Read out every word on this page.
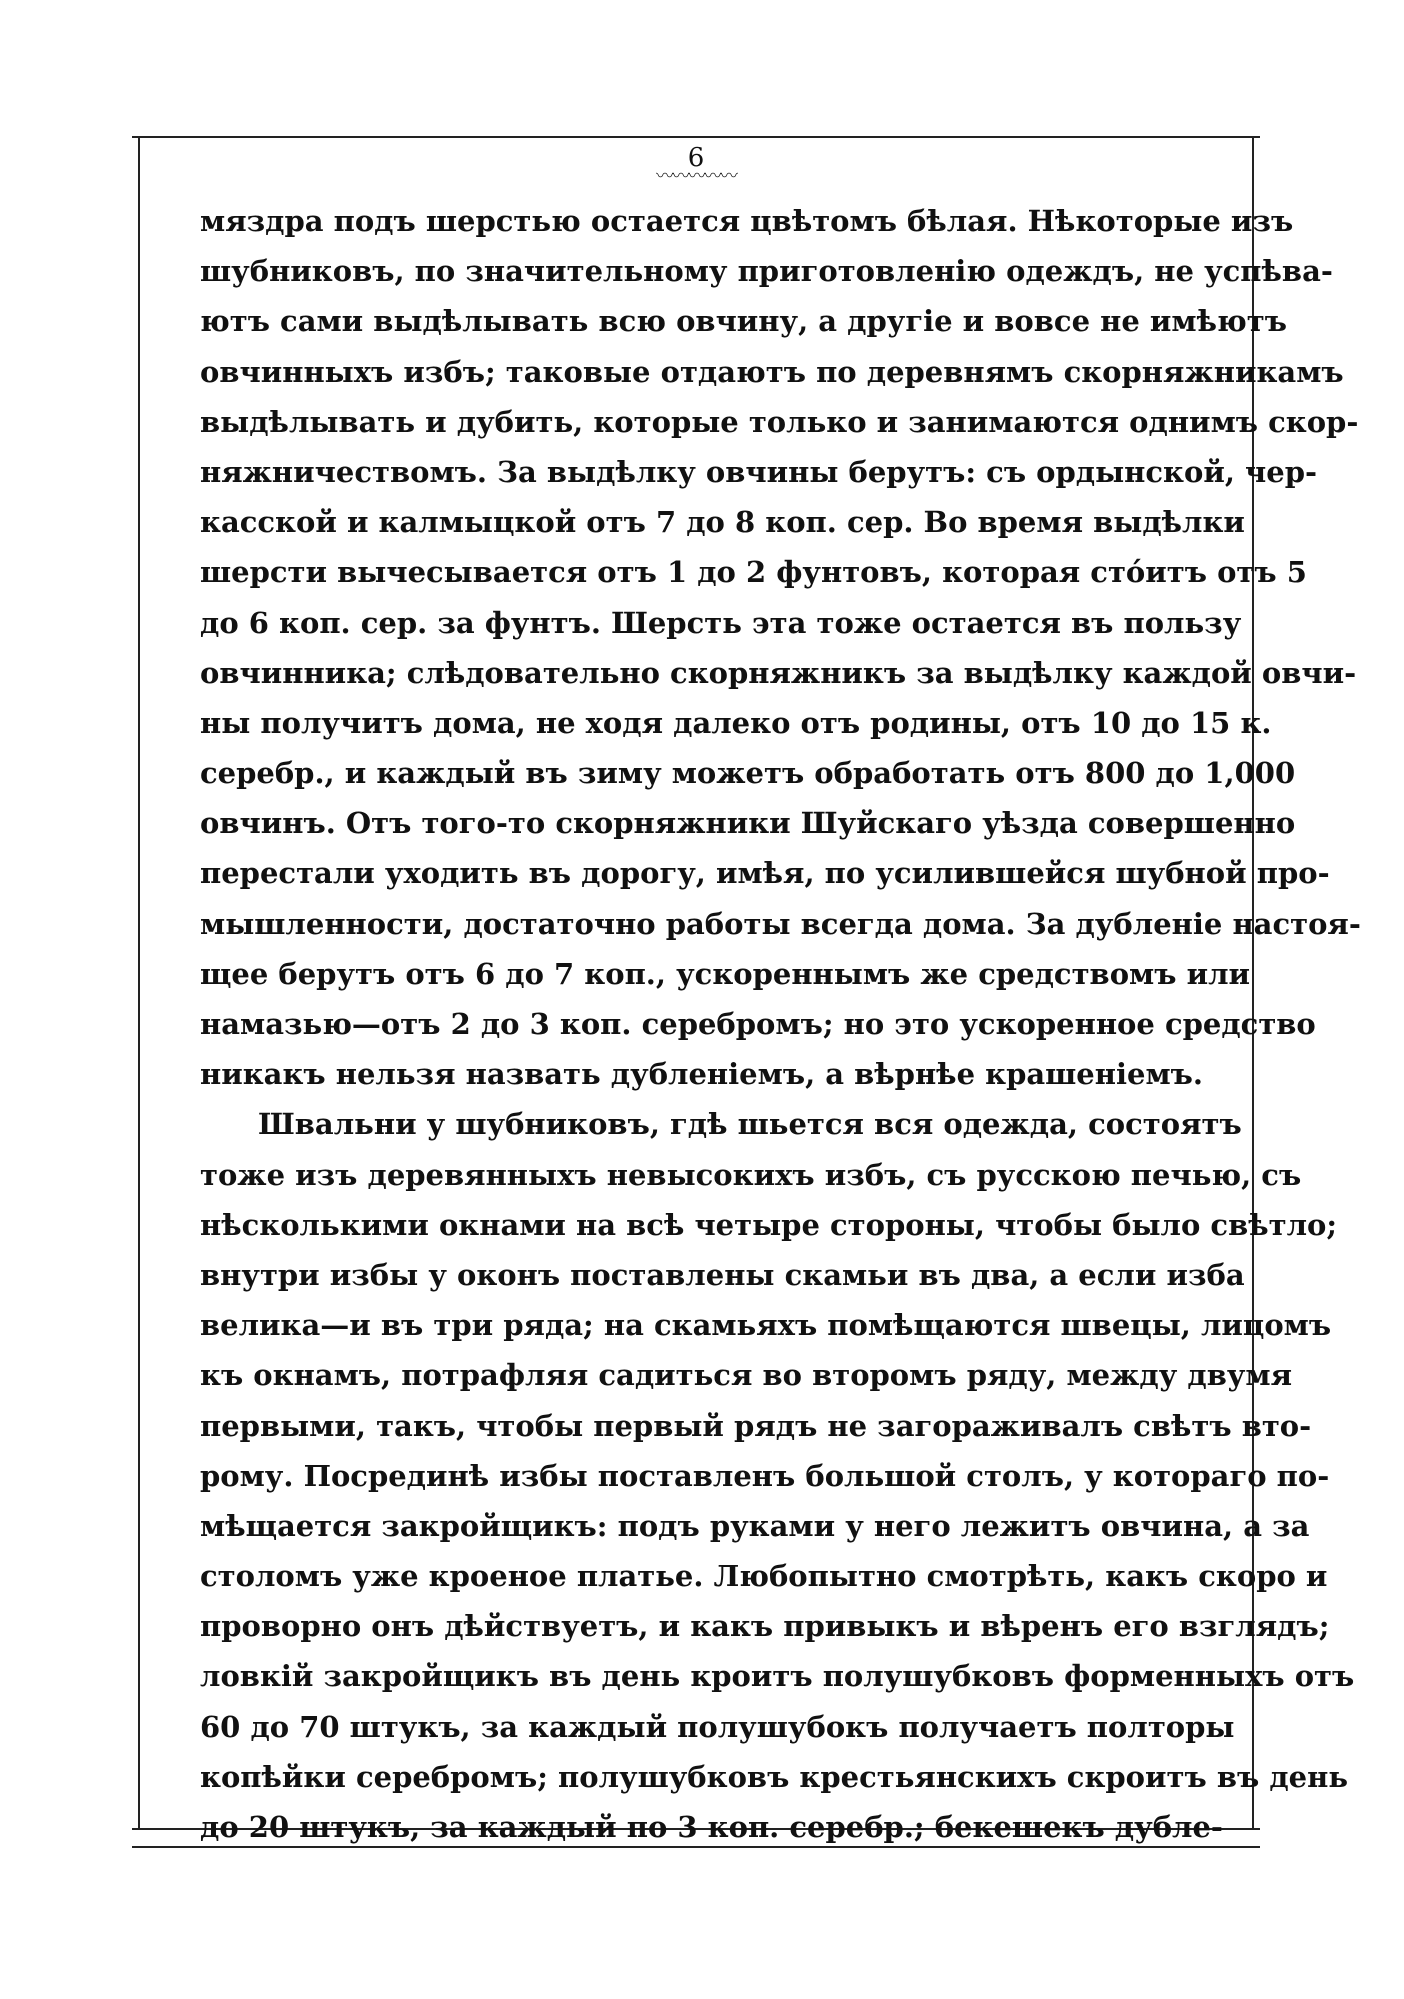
6
〰〰〰〰〰
мяздра подъ шерстью остается цвѣтомъ бѣлая. Нѣкоторые изъ
шубниковъ, по значительному приготовленiю одеждъ, не успѣва-
ютъ сами выдѣлывать всю овчину, а другiе и вовсе не имѣютъ
овчинныхъ избъ; таковые отдаютъ по деревнямъ скорняжникамъ
выдѣлывать и дубить, которые только и занимаются однимъ скор-
няжничествомъ. За выдѣлку овчины берутъ: съ ордынской, чер-
касской и калмыцкой отъ 7 до 8 коп. сер. Во время выдѣлки
шерсти вычесывается отъ 1 до 2 фунтовъ, которая стóитъ отъ 5
до 6 коп. сер. за фунтъ. Шерсть эта тоже остается въ пользу
овчинника; слѣдовательно скорняжникъ за выдѣлку каждой овчи-
ны получитъ дома, не ходя далеко отъ родины, отъ 10 до 15 к.
серебр., и каждый въ зиму можетъ обработать отъ 800 до 1,000
овчинъ. Отъ того-то скорняжники Шуйскаго уѣзда совершенно
перестали уходить въ дорогу, имѣя, по усилившейся шубной про-
мышленности, достаточно работы всегда дома. За дубленiе настоя-
щее берутъ отъ 6 до 7 коп., ускореннымъ же средствомъ или
намазью—отъ 2 до 3 коп. серебромъ; но это ускоренное средство
никакъ нельзя назвать дубленiемъ, а вѣрнѣе крашенiемъ.
Швальни у шубниковъ, гдѣ шьется вся одежда, состоятъ
тоже изъ деревянныхъ невысокихъ избъ, съ русскою печью, съ
нѣсколькими окнами на всѣ четыре стороны, чтобы было свѣтло;
внутри избы у оконъ поставлены скамьи въ два, а если изба
велика—и въ три ряда; на скамьяхъ помѣщаются швецы, лицомъ
къ окнамъ, потрафляя садиться во второмъ ряду, между двумя
первыми, такъ, чтобы первый рядъ не загораживалъ свѣтъ вто-
рому. Посрединѣ избы поставленъ большой столъ, у котораго по-
мѣщается закройщикъ: подъ руками у него лежитъ овчина, а за
столомъ уже кроеное платье. Любопытно смотрѣть, какъ скоро и
проворно онъ дѣйствуетъ, и какъ привыкъ и вѣренъ его взглядъ;
ловкiй закройщикъ въ день кроитъ полушубковъ форменныхъ отъ
60 до 70 штукъ, за каждый полушубокъ получаетъ полторы
копѣйки серебромъ; полушубковъ крестьянскихъ скроитъ въ день
до 20 штукъ, за каждый по 3 коп. серебр.; бекешекъ дубле-
